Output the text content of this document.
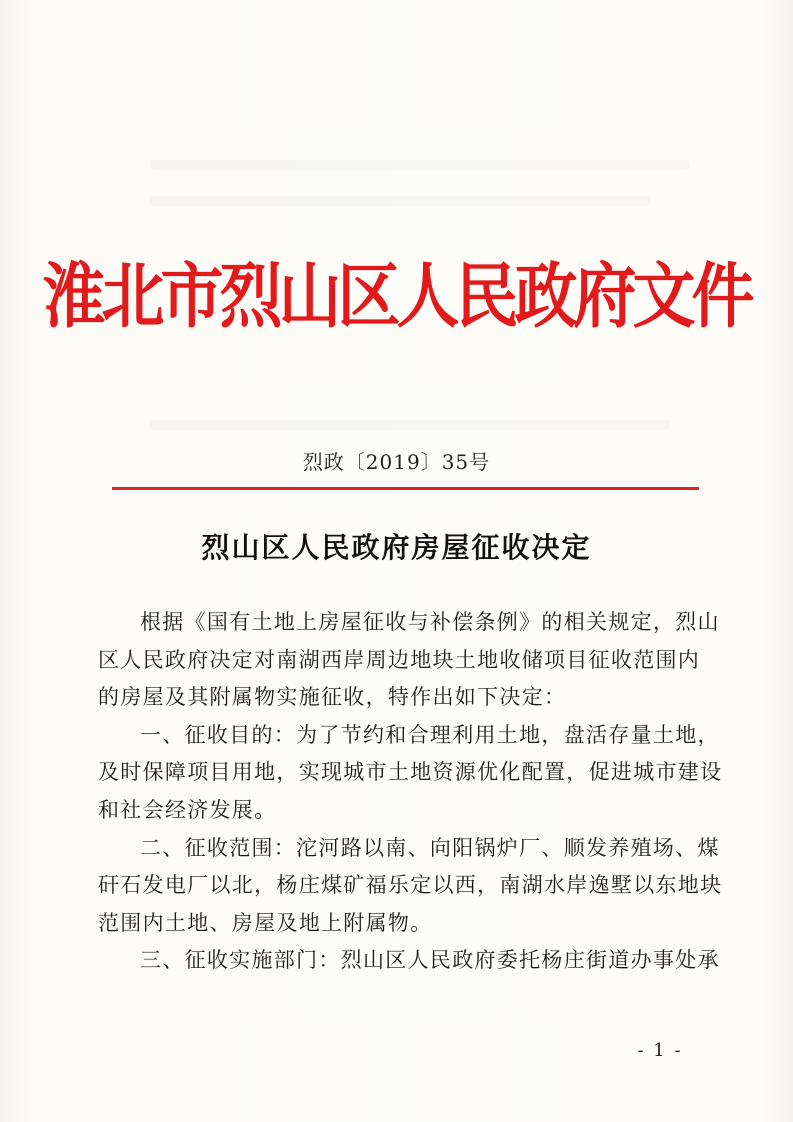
淮北市烈山区人民政府文件
烈政〔2019〕35号
烈山区人民政府房屋征收决定
根据《国有土地上房屋征收与补偿条例》的相关规定，烈山
区人民政府决定对南湖西岸周边地块土地收储项目征收范围内
的房屋及其附属物实施征收，特作出如下决定：
一、征收目的：为了节约和合理利用土地，盘活存量土地，
及时保障项目用地，实现城市土地资源优化配置，促进城市建设
和社会经济发展。
二、征收范围：沱河路以南、向阳锅炉厂、顺发养殖场、煤
矸石发电厂以北，杨庄煤矿福乐定以西，南湖水岸逸墅以东地块
范围内土地、房屋及地上附属物。
三、征收实施部门：烈山区人民政府委托杨庄街道办事处承
- 1 -
